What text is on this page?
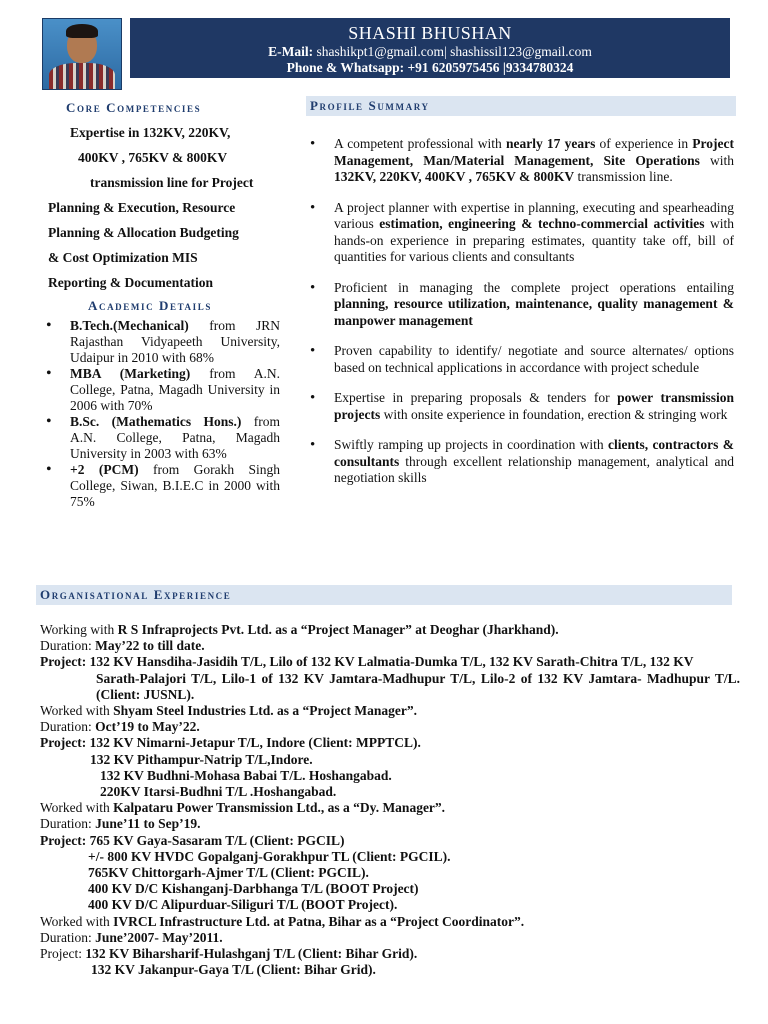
SHASHI BHUSHAN
E-Mail: shashikpt1@gmail.com| shashissil123@gmail.com
Phone & Whatsapp: +91 6205975456 |9334780324
Core Competencies
Expertise in 132KV, 220KV,
400KV , 765KV & 800KV
transmission line for Project
Planning & Execution, Resource
Planning & Allocation Budgeting
& Cost Optimization MIS
Reporting & Documentation
Academic Details
• B.Tech.(Mechanical) from JRN Rajasthan Vidyapeeth University, Udaipur in 2010 with 68%
• MBA (Marketing) from A.N. College, Patna, Magadh University in 2006 with 70%
• B.Sc. (Mathematics Hons.) from A.N. College, Patna, Magadh University in 2003 with 63%
• +2 (PCM) from Gorakh Singh College, Siwan, B.I.E.C in 2000 with 75%
Profile Summary
• A competent professional with nearly 17 years of experience in Project Management, Man/Material Management, Site Operations with 132KV, 220KV, 400KV , 765KV & 800KV transmission line.
• A project planner with expertise in planning, executing and spearheading various estimation, engineering & techno-commercial activities with hands-on experience in preparing estimates, quantity take off, bill of quantities for various clients and consultants
• Proficient in managing the complete project operations entailing planning, resource utilization, maintenance, quality management & manpower management
• Proven capability to identify/ negotiate and source alternates/ options based on technical applications in accordance with project schedule
• Expertise in preparing proposals & tenders for power transmission projects with onsite experience in foundation, erection & stringing work
• Swiftly ramping up projects in coordination with clients, contractors & consultants through excellent relationship management, analytical and negotiation skills
Organisational Experience
Working with R S Infraprojects Pvt. Ltd. as a “Project Manager” at Deoghar (Jharkhand).
Duration: May’22 to till date.
Project: 132 KV Hansdiha-Jasidih T/L, Lilo of 132 KV Lalmatia-Dumka T/L, 132 KV Sarath-Chitra T/L, 132 KV
Sarath-Palajori T/L, Lilo-1 of 132 KV Jamtara-Madhupur T/L, Lilo-2 of 132 KV Jamtara- Madhupur T/L. (Client: JUSNL).
Worked with Shyam Steel Industries Ltd. as a “Project Manager”.
Duration: Oct’19 to May’22.
Project: 132 KV Nimarni-Jetapur T/L, Indore (Client: MPPTCL).
132 KV Pithampur-Natrip T/L,Indore.
132 KV Budhni-Mohasa Babai T/L. Hoshangabad.
220KV Itarsi-Budhni T/L .Hoshangabad.
Worked with Kalpataru Power Transmission Ltd., as a “Dy. Manager”.
Duration: June’11 to Sep’19.
Project: 765 KV Gaya-Sasaram T/L (Client: PGCIL)
+/- 800 KV HVDC Gopalganj-Gorakhpur TL (Client: PGCIL).
765KV Chittorgarh-Ajmer T/L (Client: PGCIL).
400 KV D/C Kishanganj-Darbhanga T/L (BOOT Project)
400 KV D/C Alipurduar-Siliguri T/L (BOOT Project).
Worked with IVRCL Infrastructure Ltd. at Patna, Bihar as a “Project Coordinator”.
Duration: June’2007- May’2011.
Project: 132 KV Biharsharif-Hulashganj T/L (Client: Bihar Grid).
132 KV Jakanpur-Gaya T/L (Client: Bihar Grid).
